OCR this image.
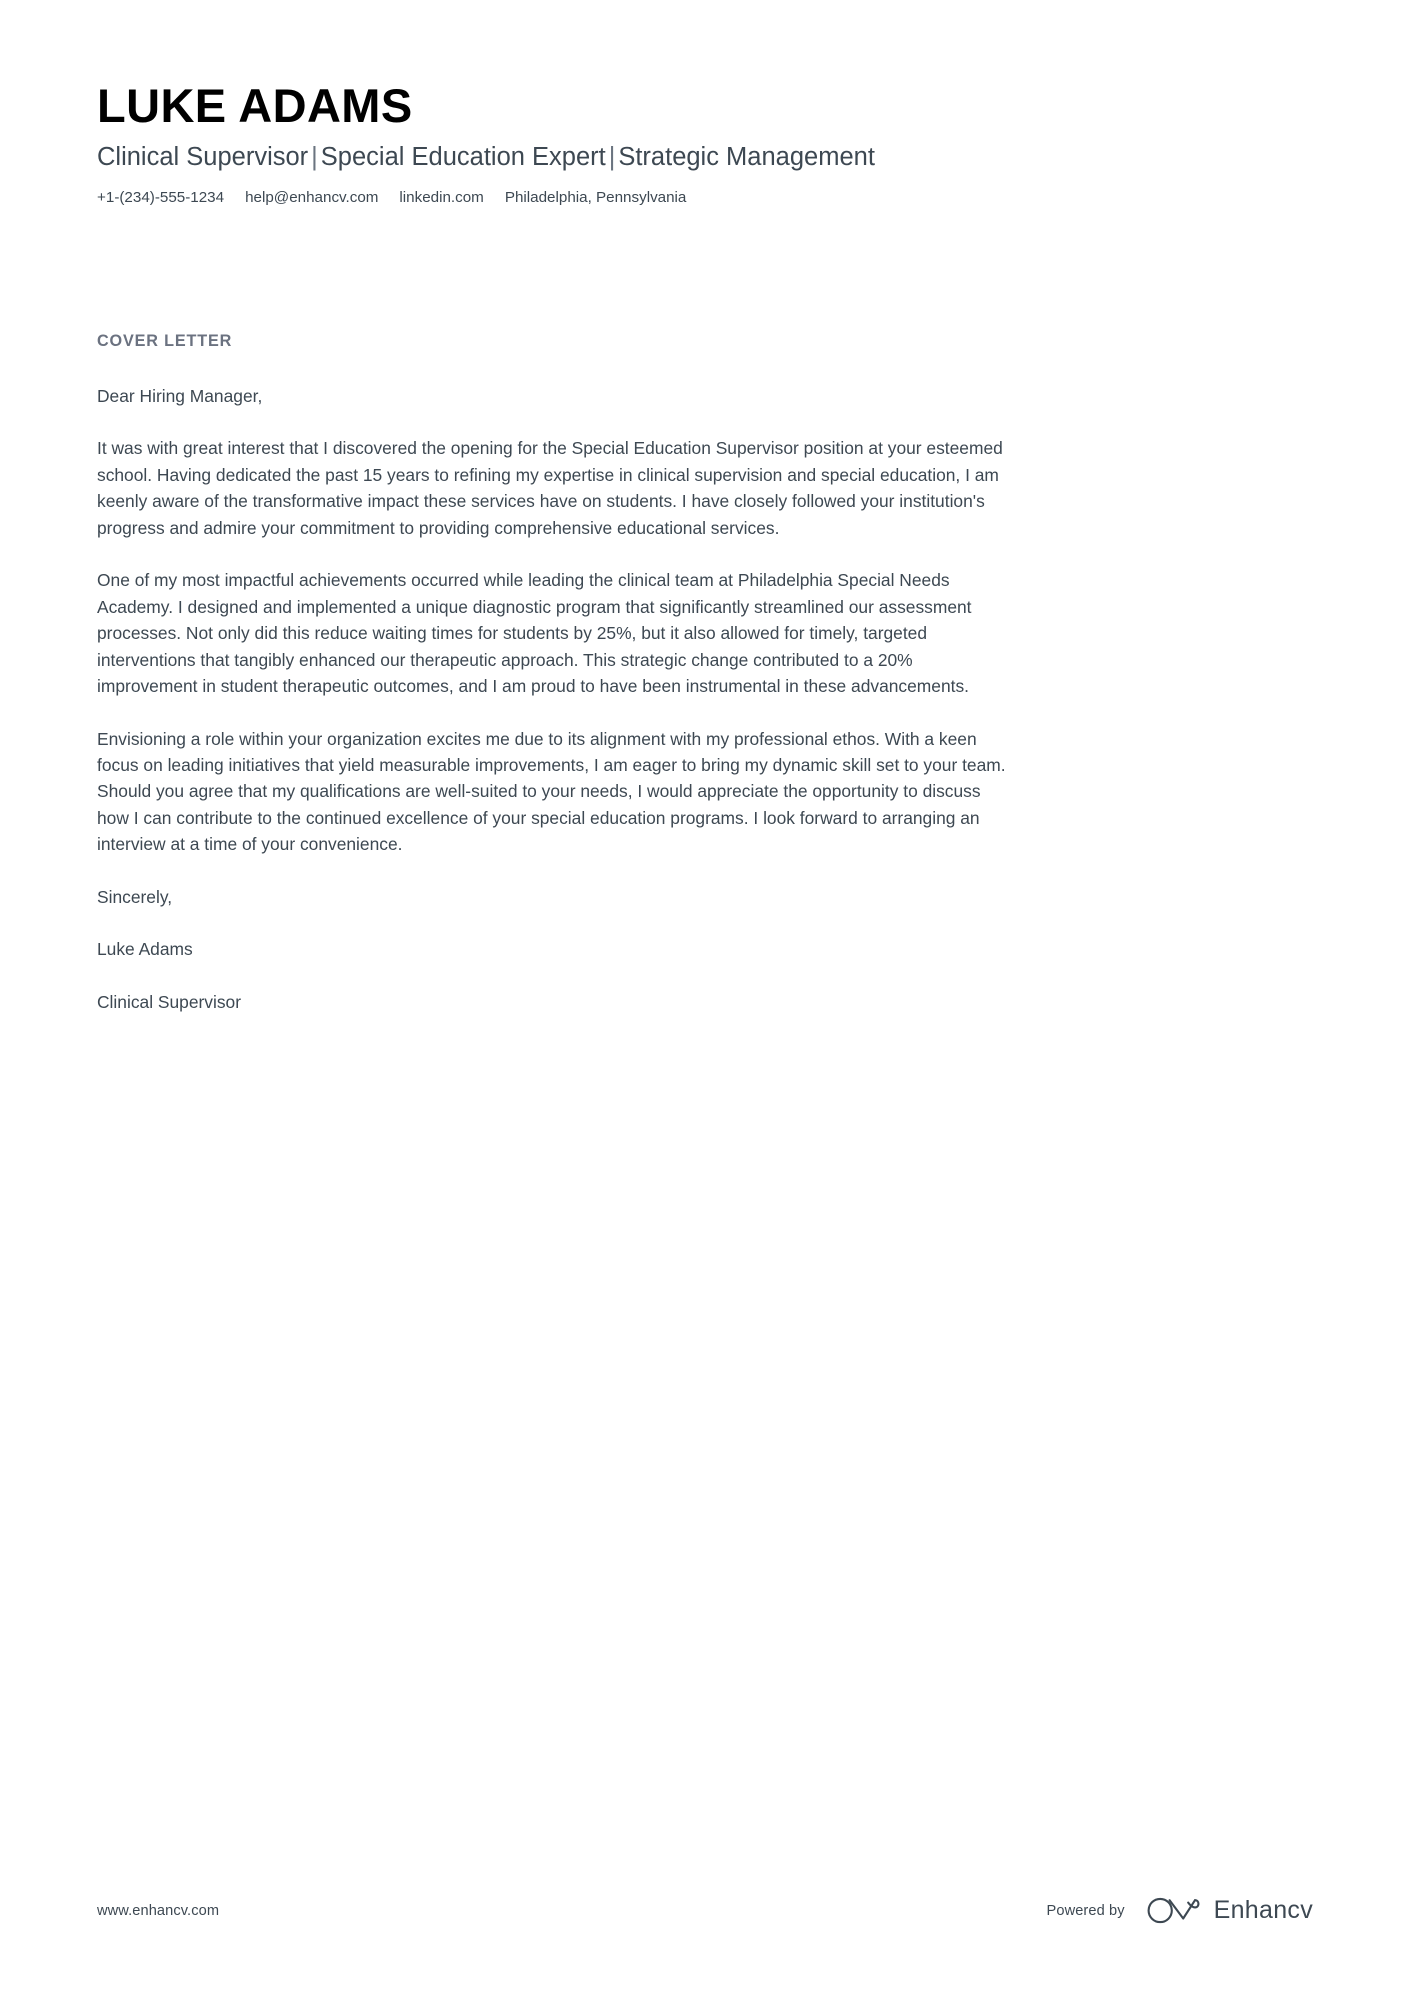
LUKE ADAMS
Clinical Supervisor | Special Education Expert | Strategic Management
+1-(234)-555-1234 help@enhancv.com linkedin.com Philadelphia, Pennsylvania
COVER LETTER

Dear Hiring Manager,

It was with great interest that I discovered the opening for the Special Education Supervisor position at your esteemed school. Having dedicated the past 15 years to refining my expertise in clinical supervision and special education, I am keenly aware of the transformative impact these services have on students. I have closely followed your institution's progress and admire your commitment to providing comprehensive educational services.

One of my most impactful achievements occurred while leading the clinical team at Philadelphia Special Needs Academy. I designed and implemented a unique diagnostic program that significantly streamlined our assessment processes. Not only did this reduce waiting times for students by 25%, but it also allowed for timely, targeted interventions that tangibly enhanced our therapeutic approach. This strategic change contributed to a 20% improvement in student therapeutic outcomes, and I am proud to have been instrumental in these advancements.

Envisioning a role within your organization excites me due to its alignment with my professional ethos. With a keen focus on leading initiatives that yield measurable improvements, I am eager to bring my dynamic skill set to your team. Should you agree that my qualifications are well-suited to your needs, I would appreciate the opportunity to discuss how I can contribute to the continued excellence of your special education programs. I look forward to arranging an interview at a time of your convenience.

Sincerely,

Luke Adams

Clinical Supervisor

www.enhancv.com	Powered by	Enhancv
